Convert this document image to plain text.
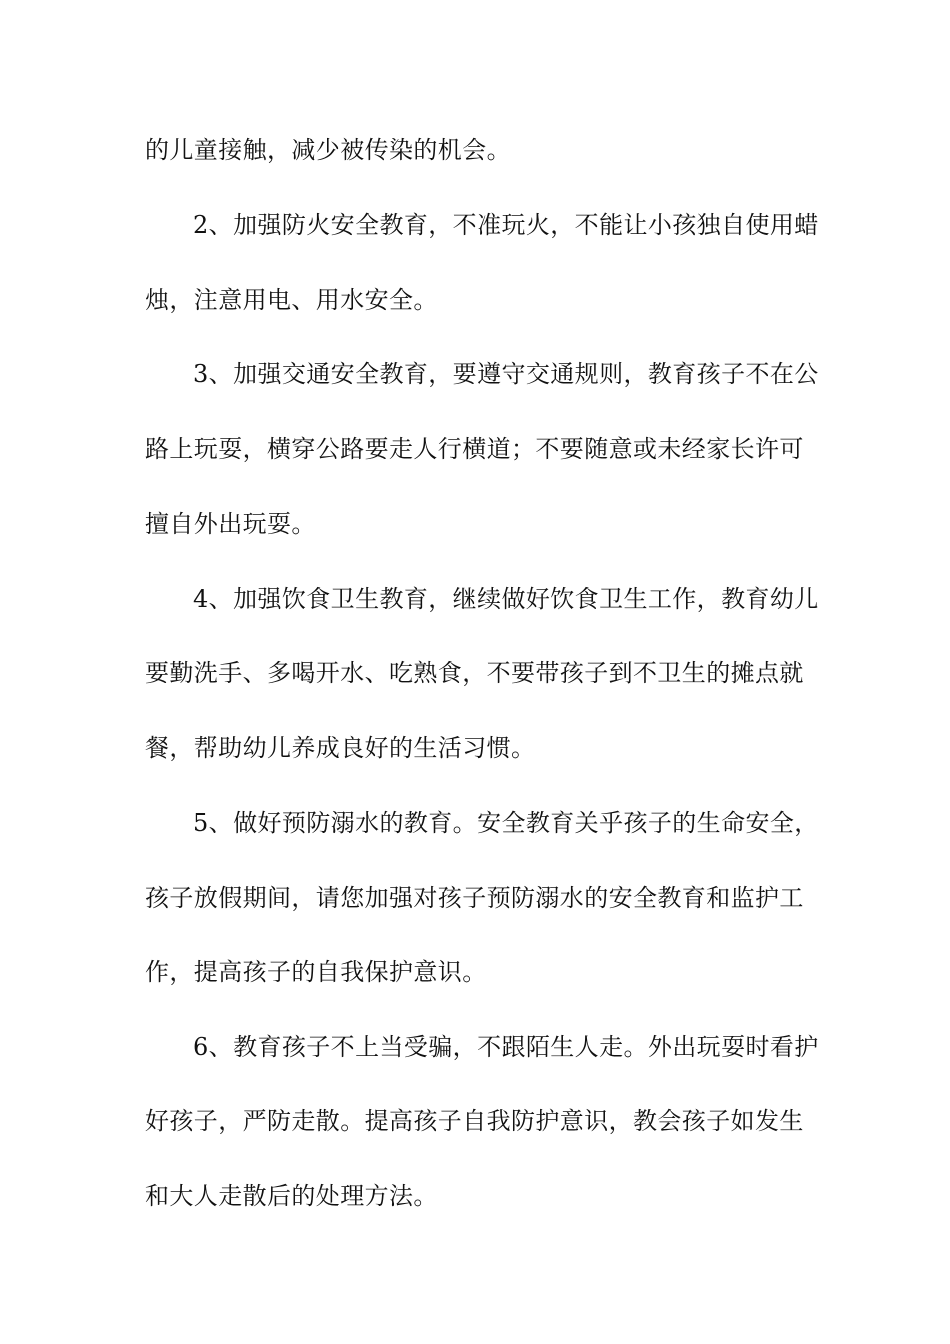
的儿童接触，减少被传染的机会。
2、加强防火安全教育，不准玩火，不能让小孩独自使用蜡
烛，注意用电、用水安全。
3、加强交通安全教育，要遵守交通规则，教育孩子不在公
路上玩耍，横穿公路要走人行横道；不要随意或未经家长许可
擅自外出玩耍。
4、加强饮食卫生教育，继续做好饮食卫生工作，教育幼儿
要勤洗手、多喝开水、吃熟食，不要带孩子到不卫生的摊点就
餐，帮助幼儿养成良好的生活习惯。
5、做好预防溺水的教育。安全教育关乎孩子的生命安全，
孩子放假期间，请您加强对孩子预防溺水的安全教育和监护工
作，提高孩子的自我保护意识。
6、教育孩子不上当受骗，不跟陌生人走。外出玩耍时看护
好孩子，严防走散。提高孩子自我防护意识，教会孩子如发生
和大人走散后的处理方法。
